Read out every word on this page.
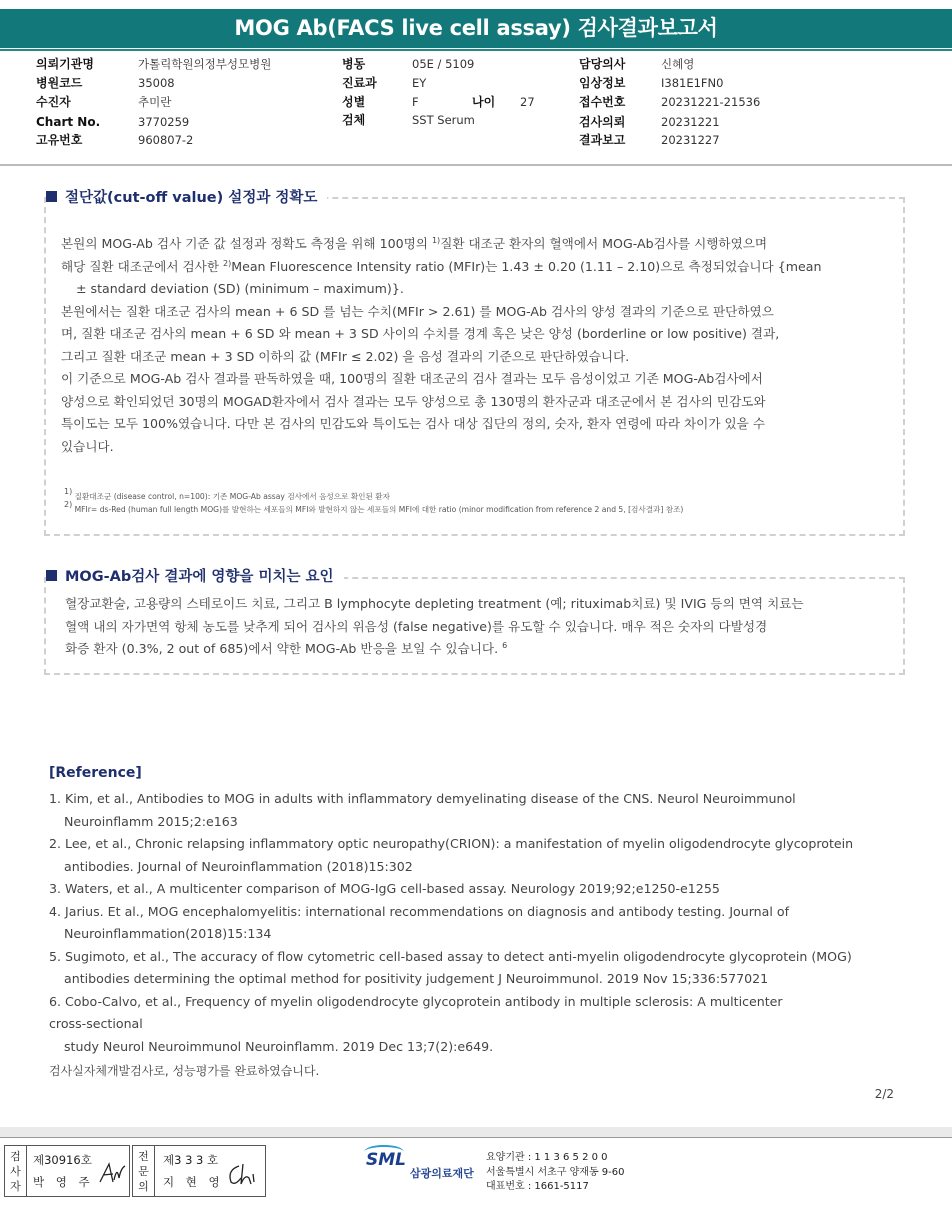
MOG Ab(FACS live cell assay) 검사결과보고서
의뢰기관명	가톨릭학원의정부성모병원	병동	05E / 5109	담당의사	신혜영
병원코드	35008	진료과	EY	임상정보	I381E1FN0
수진자	추미란	성별	F	나이 27	접수번호	20231221-21536
Chart No.	3770259	검체	SST Serum	검사의뢰	20231221
고유번호	960807-2	결과보고	20231227
절단값(cut-off value) 설정과 정확도

본원의 MOG-Ab 검사 기준 값 설정과 정확도 측정을 위해 100명의 $^{1)}$질환 대조군 환자의 혈액에서 MOG-Ab검사를 시행하였으며

해당 질환 대조군에서 검사한 $^{2)}$Mean Fluorescence Intensity ratio (MFIr)는 1.43 ± 0.20 (1.11 – 2.10)으로 측정되었습니다 {mean

± standard deviation (SD) (minimum – maximum)}.

본원에서는 질환 대조군 검사의 mean + 6 SD 를 넘는 수치(MFIr > 2.61) 를 MOG-Ab 검사의 양성 결과의 기준으로 판단하였으

며, 질환 대조군 검사의 mean + 6 SD 와 mean + 3 SD 사이의 수치를 경계 혹은 낮은 양성 (borderline or low positive) 결과,

그리고 질환 대조군 mean + 3 SD 이하의 값 (MFIr ≤ 2.02) 을 음성 결과의 기준으로 판단하였습니다.

이 기준으로 MOG-Ab 검사 결과를 판독하였을 때, 100명의 질환 대조군의 검사 결과는 모두 음성이었고 기존 MOG-Ab검사에서

양성으로 확인되었던 30명의 MOGAD환자에서 검사 결과는 모두 양성으로 총 130명의 환자군과 대조군에서 본 검사의 민감도와

특이도는 모두 100%였습니다. 다만 본 검사의 민감도와 특이도는 검사 대상 집단의 정의, 숫자, 환자 연령에 따라 차이가 있을 수

있습니다.

$^{1)}$ 질환대조군 (disease control, n=100): 기존 MOG-Ab assay 검사에서 음성으로 확인된 환자
$^{2)}$ MFIr= ds-Red (human full length MOG)를 발현하는 세포들의 MFI와 발현하지 않는 세포들의 MFI에 대한 ratio (minor modification from reference 2 and 5, [검사결과] 참조)
MOG-Ab검사 결과에 영향을 미치는 요인

혈장교환술, 고용량의 스테로이드 치료, 그리고 B lymphocyte depleting treatment (예; rituximab치료) 및 IVIG 등의 면역 치료는

혈액 내의 자가면역 항체 농도를 낮추게 되어 검사의 위음성 (false negative)를 유도할 수 있습니다. 매우 적은 숫자의 다발성경

화증 환자 (0.3%, 2 out of 685)에서 약한 MOG-Ab 반응을 보일 수 있습니다. $^6$

[Reference]
1. Kim, et al., Antibodies to MOG in adults with inflammatory demyelinating disease of the CNS. Neurol Neuroimmunol
Neuroinflamm 2015;2:e163
2. Lee, et al., Chronic relapsing inflammatory optic neuropathy(CRION): a manifestation of myelin oligodendrocyte glycoprotein
antibodies. Journal of Neuroinflammation (2018)15:302
3. Waters, et al., A multicenter comparison of MOG-IgG cell-based assay. Neurology 2019;92;e1250-e1255
4. Jarius. Et al., MOG encephalomyelitis: international recommendations on diagnosis and antibody testing. Journal of
Neuroinflammation(2018)15:134
5. Sugimoto, et al., The accuracy of flow cytometric cell-based assay to detect anti-myelin oligodendrocyte glycoprotein (MOG)
antibodies determining the optimal method for positivity judgement J Neuroimmunol. 2019 Nov 15;336:577021
6. Cobo-Calvo, et al., Frequency of myelin oligodendrocyte glycoprotein antibody in multiple sclerosis: A multicenter
cross-sectional
study Neurol Neuroimmunol Neuroinflamm. 2019 Dec 13;7(2):e649.
검사실자체개발검사로, 성능평가를 완료하였습니다.
2/2
검사자
제30916호
박 영 주
전문의
제3 3 3 호
지 현 영
SML
삼광의료재단
요양기관 : 1 1 3 6 5 2 0 0
서울특별시 서초구 양재동 9-60
대표번호 : 1661-5117
